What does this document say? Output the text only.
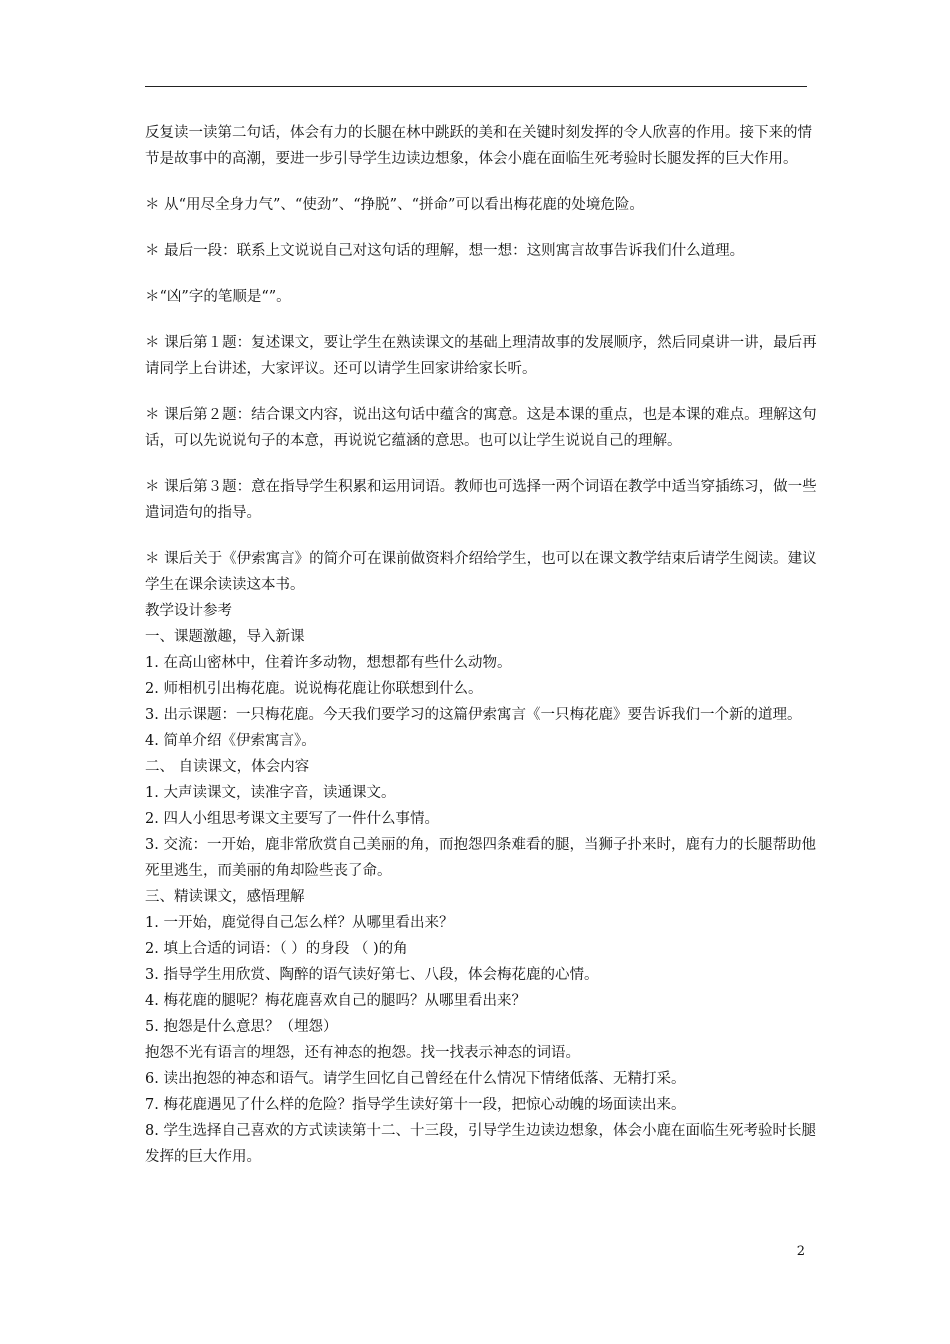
反复读一读第二句话，体会有力的长腿在林中跳跃的美和在关键时刻发挥的令人欣喜的作用。接下来的情节是故事中的高潮，要进一步引导学生边读边想象，体会小鹿在面临生死考验时长腿发挥的巨大作用。

＊ 从“用尽全身力气”、“使劲”、“挣脱”、“拼命”可以看出梅花鹿的处境危险。

＊ 最后一段：联系上文说说自己对这句话的理解，想一想：这则寓言故事告诉我们什么道理。

＊“凶”字的笔顺是“”。

＊ 课后第１题：复述课文，要让学生在熟读课文的基础上理清故事的发展顺序，然后同桌讲一讲，最后再请同学上台讲述，大家评议。还可以请学生回家讲给家长听。

＊ 课后第２题：结合课文内容，说出这句话中蕴含的寓意。这是本课的重点，也是本课的难点。理解这句话，可以先说说句子的本意，再说说它蕴涵的意思。也可以让学生说说自己的理解。

＊ 课后第３题：意在指导学生积累和运用词语。教师也可选择一两个词语在教学中适当穿插练习，做一些遣词造句的指导。

＊ 课后关于《伊索寓言》的简介可在课前做资料介绍给学生，也可以在课文教学结束后请学生阅读。建议学生在课余读读这本书。

教学设计参考

一、课题激趣，导入新课

1. 在高山密林中，住着许多动物，想想都有些什么动物。

2. 师相机引出梅花鹿。说说梅花鹿让你联想到什么。

3. 出示课题：一只梅花鹿。今天我们要学习的这篇伊索寓言《一只梅花鹿》要告诉我们一个新的道理。

4. 简单介绍《伊索寓言》。

二、 自读课文，体会内容

1. 大声读课文，读准字音，读通课文。

2. 四人小组思考课文主要写了一件什么事情。

3. 交流：一开始，鹿非常欣赏自己美丽的角，而抱怨四条难看的腿，当狮子扑来时，鹿有力的长腿帮助他死里逃生，而美丽的角却险些丧了命。

三、精读课文，感悟理解

1. 一开始，鹿觉得自己怎么样？从哪里看出来？

2. 填上合适的词语：（ ）的身段 （ )的角

3. 指导学生用欣赏、陶醉的语气读好第七、八段，体会梅花鹿的心情。

4. 梅花鹿的腿呢？梅花鹿喜欢自己的腿吗？从哪里看出来？

5. 抱怨是什么意思？（埋怨）

抱怨不光有语言的埋怨，还有神态的抱怨。找一找表示神态的词语。

6. 读出抱怨的神态和语气。请学生回忆自己曾经在什么情况下情绪低落、无精打采。

7. 梅花鹿遇见了什么样的危险？指导学生读好第十一段，把惊心动魄的场面读出来。

8. 学生选择自己喜欢的方式读读第十二、十三段，引导学生边读边想象，体会小鹿在面临生死考验时长腿发挥的巨大作用。

2
